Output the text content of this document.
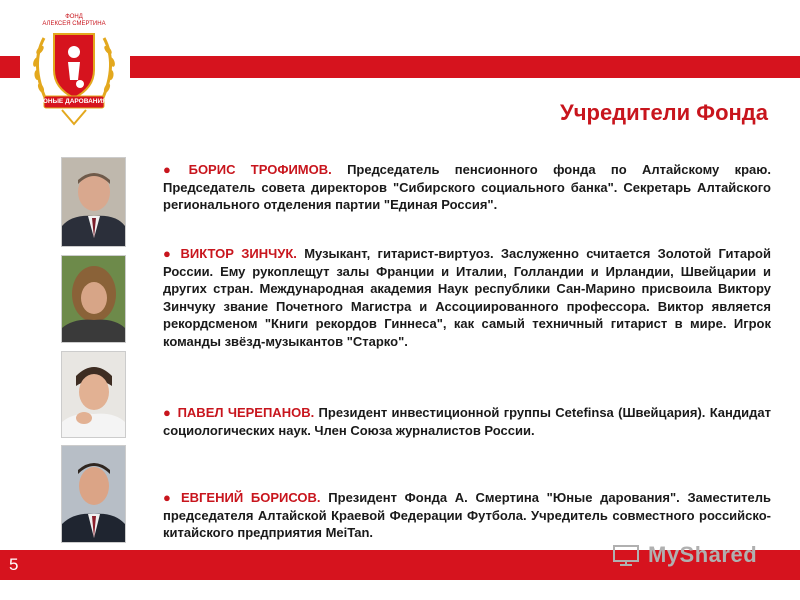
ФОНД
АЛЕКСЕЯ СМЕРТИНА
ЮНЫЕ ДАРОВАНИЯ	Учредители Фонда
● БОРИС ТРОФИМОВ. Председатель пенсионного фонда по Алтайскому краю. Председатель совета директоров "Сибирского социального банка". Секретарь Алтайского регионального отделения партии "Единая Россия".
● ВИКТОР ЗИНЧУК. Музыкант, гитарист-виртуоз. Заслуженно считается Золотой Гитарой России. Ему рукоплещут залы Франции и Италии, Голландии и Ирландии, Швейцарии и других стран. Международная академия Наук республики Сан-Марино присвоила Виктору Зинчуку звание Почетного Магистра и Ассоциированного профессора. Виктор является рекордсменом "Книги рекордов Гиннеса", как самый техничный гитарист в мире. Игрок команды звёзд-музыкантов "Старко".
● ПАВЕЛ ЧЕРЕПАНОВ. Президент инвестиционной группы Cetefinsa (Швейцария). Кандидат социологических наук. Член Союза журналистов России.
● ЕВГЕНИЙ БОРИСОВ. Президент Фонда А. Смертина "Юные дарования". Заместитель председателя Алтайской Краевой Федерации Футбола. Учредитель совместного российско-китайского предприятия MeiTan.
5	MyShared
